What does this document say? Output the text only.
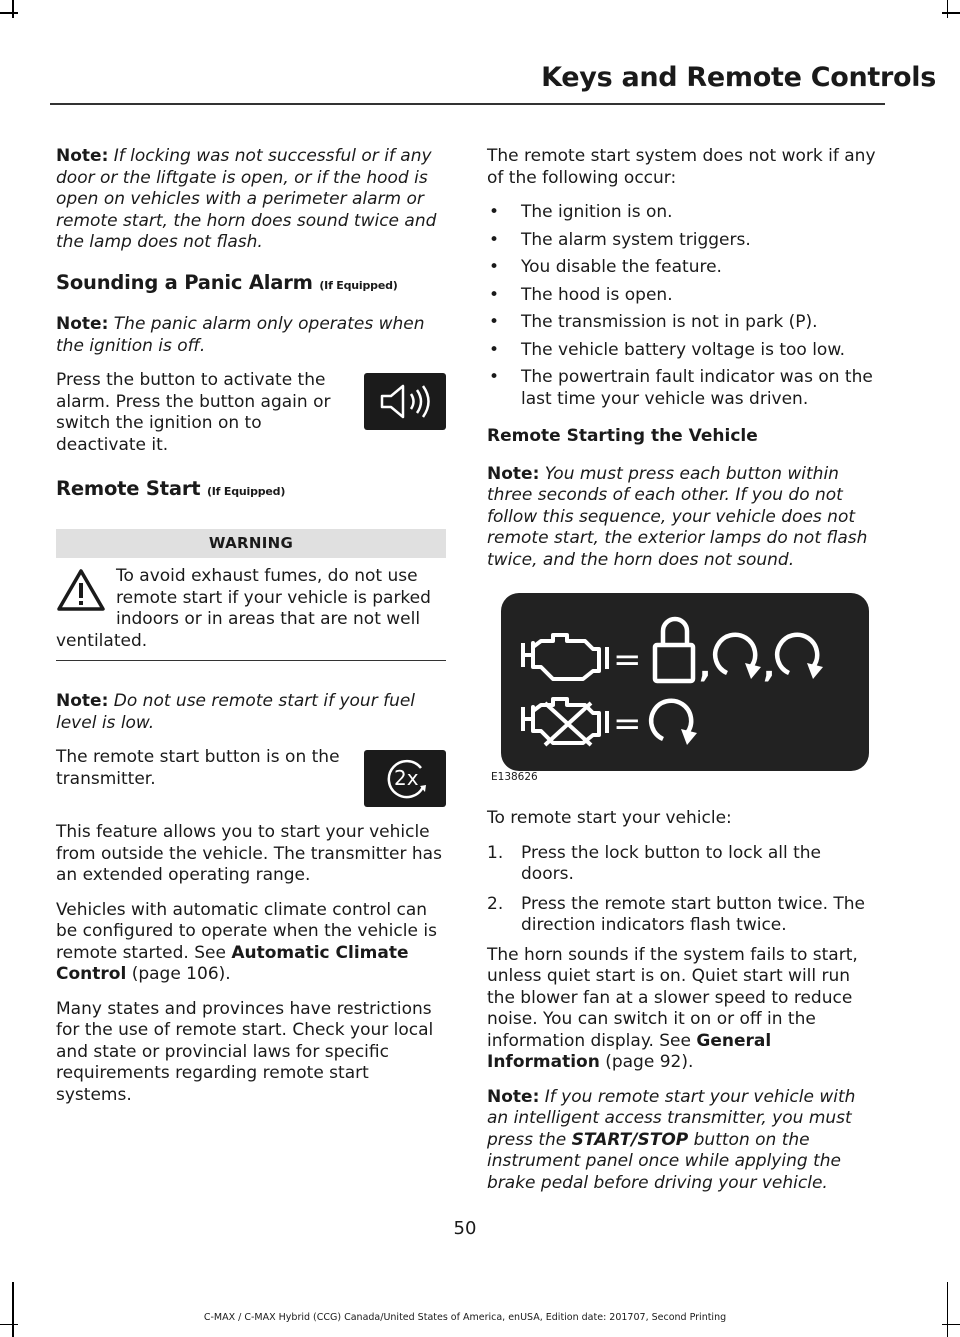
Keys and Remote Controls

Note: If locking was not successful or if any door or the liftgate is open, or if the hood is open on vehicles with a perimeter alarm or remote start, the horn does sound twice and the lamp does not flash.

Sounding a Panic Alarm (If Equipped)

Note: The panic alarm only operates when the ignition is off.

Press the button to activate the alarm. Press the button again or switch the ignition on to deactivate it.

Remote Start (If Equipped)
WARNING

To avoid exhaust fumes, do not use remote start if your vehicle is parked indoors or in areas that are not well ventilated.

Note: Do not use remote start if your fuel level is low.

2x
The remote start button is on the transmitter.

This feature allows you to start your vehicle from outside the vehicle. The transmitter has an extended operating range.

Vehicles with automatic climate control can be configured to operate when the vehicle is remote started. See Automatic Climate Control (page 106).

Many states and provinces have restrictions for the use of remote start. Check your local and state or provincial laws for specific requirements regarding remote start systems.

The remote start system does not work if any of the following occur:

• The ignition is on.
• The alarm system triggers.
• You disable the feature.
• The hood is open.
• The transmission is not in park (P).
• The vehicle battery voltage is too low.
• The powertrain fault indicator was on the last time your vehicle was driven.
Remote Starting the Vehicle

Note: You must press each button within three seconds of each other. If you do not follow this sequence, your vehicle does not remote start, the exterior lamps do not flash twice, and the horn does not sound.

= , ,
=
E138626

To remote start your vehicle:

1. Press the lock button to lock all the doors.
2. Press the remote start button twice. The direction indicators flash twice.

The horn sounds if the system fails to start, unless quiet start is on. Quiet start will run the blower fan at a slower speed to reduce noise. You can switch it on or off in the information display. See General Information (page 92).

Note: If you remote start your vehicle with an intelligent access transmitter, you must press the START/STOP button on the instrument panel once while applying the brake pedal before driving your vehicle.

50
C-MAX / C-MAX Hybrid (CCG) Canada/United States of America, enUSA, Edition date: 201707, Second Printing
